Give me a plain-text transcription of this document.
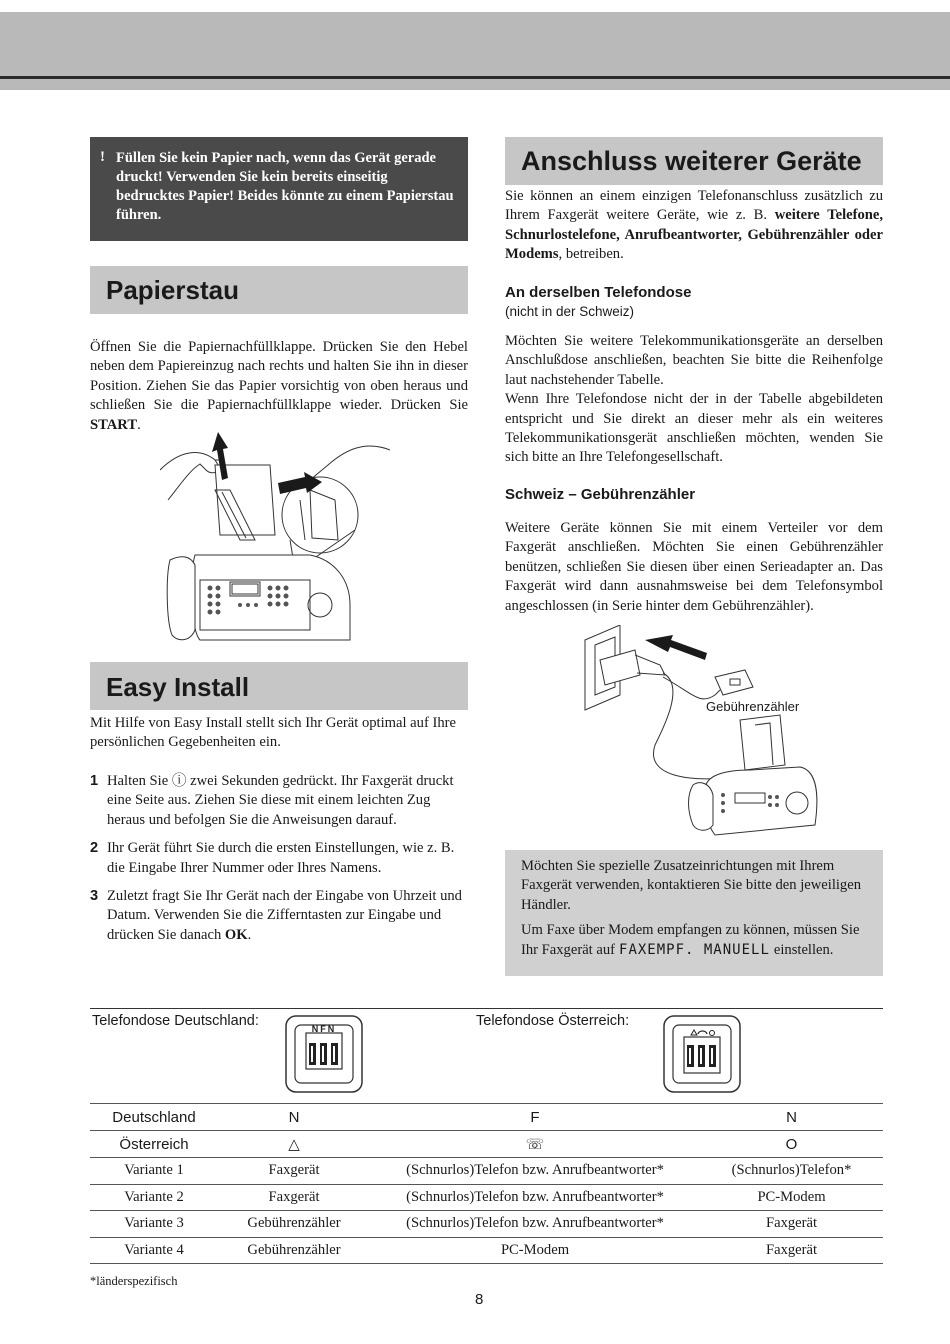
! Füllen Sie kein Papier nach, wenn das Gerät gerade druckt! Verwenden Sie kein bereits einseitig bedrucktes Papier! Beides könnte zu einem Papierstau führen.
Papierstau
Öffnen Sie die Papiernachfüllklappe. Drücken Sie den Hebel neben dem Papiereinzug nach rechts und halten Sie ihn in dieser Position. Ziehen Sie das Papier vorsichtig von oben heraus und schließen Sie die Papiernachfüllklappe wieder. Drücken Sie START.
Easy Install
Mit Hilfe von Easy Install stellt sich Ihr Gerät optimal auf Ihre persönlichen Gegebenheiten ein.
1 Halten Sie ⓘ zwei Sekunden gedrückt. Ihr Faxgerät druckt eine Seite aus. Ziehen Sie diese mit einem leichten Zug heraus und befolgen Sie die Anweisungen darauf.
2 Ihr Gerät führt Sie durch die ersten Einstellungen, wie z. B. die Eingabe Ihrer Nummer oder Ihres Namens.
3 Zuletzt fragt Sie Ihr Gerät nach der Eingabe von Uhrzeit und Datum. Verwenden Sie die Zifferntasten zur Eingabe und drücken Sie danach OK.
Anschluss weiterer Geräte
Sie können an einem einzigen Telefonanschluss zusätzlich zu Ihrem Faxgerät weitere Geräte, wie z. B. weitere Telefone, Schnurlostelefone, Anrufbeantworter, Gebührenzähler oder Modems, betreiben.
An derselben Telefondose
(nicht in der Schweiz)
Möchten Sie weitere Telekommunikationsgeräte an derselben Anschlußdose anschließen, beachten Sie bitte die Reihenfolge laut nachstehender Tabelle.
Wenn Ihre Telefondose nicht der in der Tabelle abgebildeten entspricht und Sie direkt an dieser mehr als ein weiteres Telekommunikationsgerät anschließen möchten, wenden Sie sich bitte an Ihre Telefongesellschaft.
Schweiz – Gebührenzähler
Weitere Geräte können Sie mit einem Verteiler vor dem Faxgerät anschließen. Möchten Sie einen Gebührenzähler benützen, schließen Sie diesen über einen Serieadapter an. Das Faxgerät wird dann ausnahmsweise bei dem Telefonsymbol angeschlossen (in Serie hinter dem Gebührenzähler).
Gebührenzähler

Möchten Sie spezielle Zusatzeinrichtungen mit Ihrem Faxgerät verwenden, kontaktieren Sie bitte den jeweiligen Händler.

Um Faxe über Modem empfangen zu können, müssen Sie Ihr Faxgerät auf FAXEMPF. MANUELL einstellen.

Telefondose Deutschland:	Telefondose Österreich:
NFN
Deutschland	N	F	N
Österreich	△	☏	O
Variante 1	Faxgerät	(Schnurlos)Telefon bzw. Anrufbeantworter*	(Schnurlos)Telefon*
Variante 2	Faxgerät	(Schnurlos)Telefon bzw. Anrufbeantworter*	PC-Modem
Variante 3	Gebührenzähler	(Schnurlos)Telefon bzw. Anrufbeantworter*	Faxgerät
Variante 4	Gebührenzähler	PC-Modem	Faxgerät
*länderspezifisch
8
